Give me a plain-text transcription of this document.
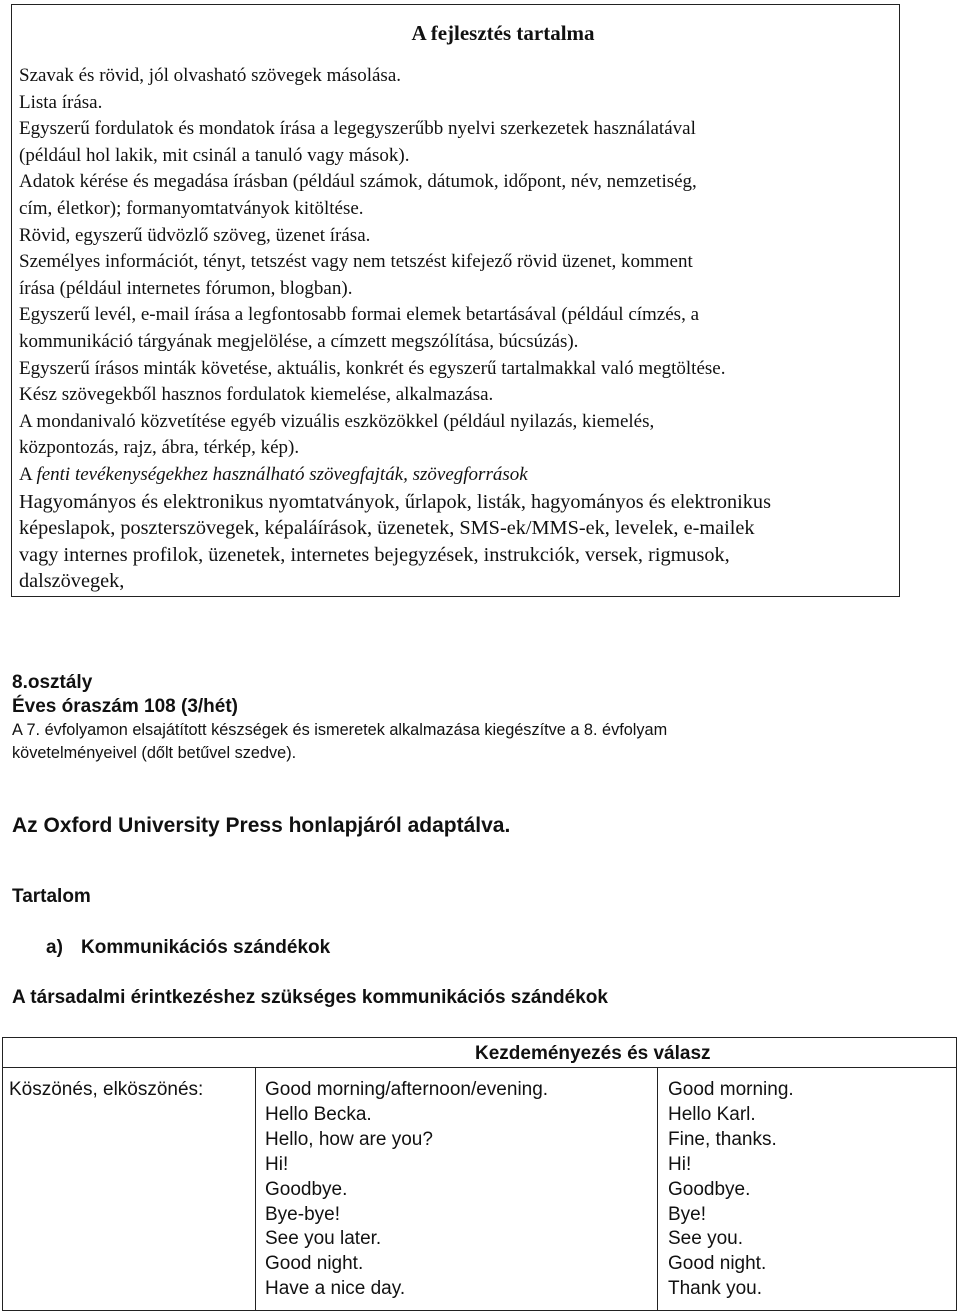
A fejlesztés tartalma
Szavak és rövid, jól olvasható szövegek másolása.
Lista írása.
Egyszerű fordulatok és mondatok írása a legegyszerűbb nyelvi szerkezetek használatával
(például hol lakik, mit csinál a tanuló vagy mások).
Adatok kérése és megadása írásban (például számok, dátumok, időpont, név, nemzetiség,
cím, életkor); formanyomtatványok kitöltése.
Rövid, egyszerű üdvözlő szöveg, üzenet írása.
Személyes információt, tényt, tetszést vagy nem tetszést kifejező rövid üzenet, komment
írása (például internetes fórumon, blogban).
Egyszerű levél, e-mail írása a legfontosabb formai elemek betartásával (például címzés, a
kommunikáció tárgyának megjelölése, a címzett megszólítása, búcsúzás).
Egyszerű írásos minták követése, aktuális, konkrét és egyszerű tartalmakkal való megtöltése.
Kész szövegekből hasznos fordulatok kiemelése, alkalmazása.
A mondanivaló közvetítése egyéb vizuális eszközökkel (például nyilazás, kiemelés,
központozás, rajz, ábra, térkép, kép).
A fenti tevékenységekhez használható szövegfajták, szövegforrások
Hagyományos és elektronikus nyomtatványok, űrlapok, listák, hagyományos és elektronikus
képeslapok, poszterszövegek, képaláírások, üzenetek, SMS-ek/MMS-ek, levelek, e-mailek
vagy internes profilok, üzenetek, internetes bejegyzések, instrukciók, versek, rigmusok,
dalszövegek,
8.osztály
Éves óraszám 108 (3/hét)
A 7. évfolyamon elsajátított készségek és ismeretek alkalmazása kiegészítve a 8. évfolyam
követelményeivel (dőlt betűvel szedve).
Az Oxford University Press honlapjáról adaptálva.
Tartalom
a) Kommunikációs szándékok
A társadalmi érintkezéshez szükséges kommunikációs szándékok
Kezdeményezés és válasz
Köszönés, elköszönés:	Good morning/afternoon/evening.
Hello Becka.
Hello, how are you?
Hi!
Goodbye.
Bye-bye!
See you later.
Good night.
Have a nice day.
Good morning.
Hello Karl.
Fine, thanks.
Hi!
Goodbye.
Bye!
See you.
Good night.
Thank you.
